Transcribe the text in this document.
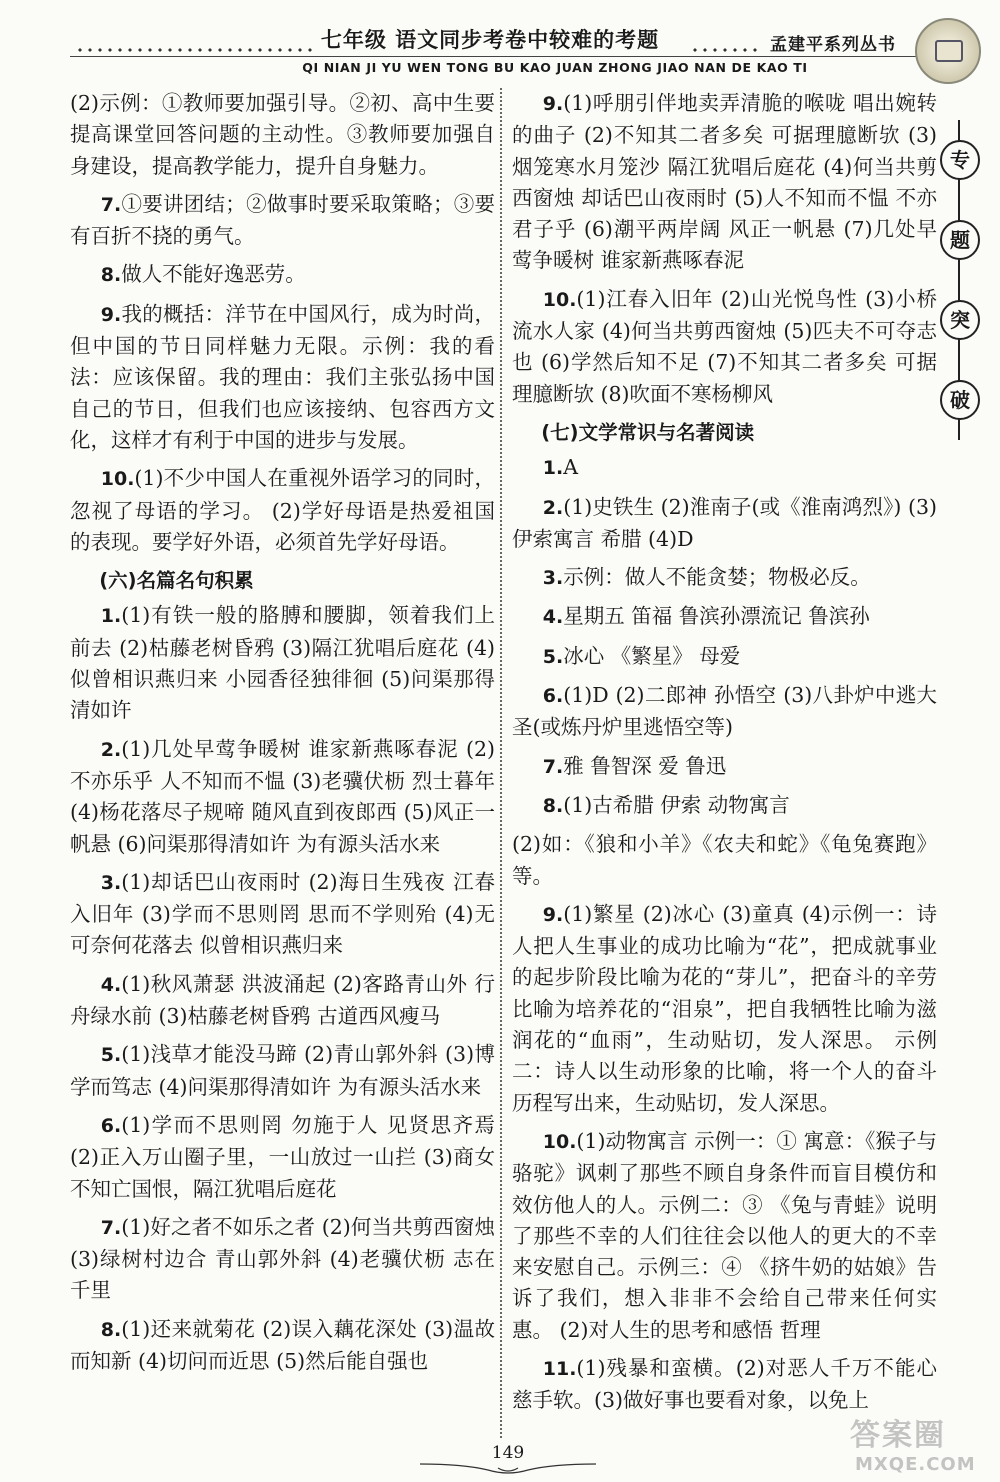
七年级 语文同步考卷中较难的考题	孟建平系列丛书
QI NIAN JI YU WEN TONG BU KAO JUAN ZHONG JIAO NAN DE KAO TI
专
题
突
破

(2)示例：①教师要加强引导。②初、高中生要提高课堂回答问题的主动性。③教师要加强自身建设，提高教学能力，提升自身魅力。

7.①要讲团结；②做事时要采取策略；③要有百折不挠的勇气。

8.做人不能好逸恶劳。

9.我的概括：洋节在中国风行，成为时尚，但中国的节日同样魅力无限。示例：我的看法：应该保留。我的理由：我们主张弘扬中国自己的节日，但我们也应该接纳、包容西方文化，这样才有利于中国的进步与发展。

10.(1)不少中国人在重视外语学习的同时，忽视了母语的学习。 (2)学好母语是热爱祖国的表现。要学好外语，必须首先学好母语。

(六)名篇名句积累

1.(1)有铁一般的胳膊和腰脚，领着我们上前去 (2)枯藤老树昏鸦 (3)隔江犹唱后庭花 (4)似曾相识燕归来 小园香径独徘徊 (5)问渠那得清如许

2.(1)几处早莺争暖树 谁家新燕啄春泥 (2)不亦乐乎 人不知而不愠 (3)老骥伏枥 烈士暮年 (4)杨花落尽子规啼 随风直到夜郎西 (5)风正一帆悬 (6)问渠那得清如许 为有源头活水来

3.(1)却话巴山夜雨时 (2)海日生残夜 江春入旧年 (3)学而不思则罔 思而不学则殆 (4)无可奈何花落去 似曾相识燕归来

4.(1)秋风萧瑟 洪波涌起 (2)客路青山外 行舟绿水前 (3)枯藤老树昏鸦 古道西风瘦马

5.(1)浅草才能没马蹄 (2)青山郭外斜 (3)博学而笃志 (4)问渠那得清如许 为有源头活水来

6.(1)学而不思则罔 勿施于人 见贤思齐焉 (2)正入万山圈子里，一山放过一山拦 (3)商女不知亡国恨，隔江犹唱后庭花

7.(1)好之者不如乐之者 (2)何当共剪西窗烛 (3)绿树村边合 青山郭外斜 (4)老骥伏枥 志在千里

8.(1)还来就菊花 (2)误入藕花深处 (3)温故而知新 (4)切问而近思 (5)然后能自强也

9.(1)呼朋引伴地卖弄清脆的喉咙 唱出婉转的曲子 (2)不知其二者多矣 可据理臆断欤 (3)烟笼寒水月笼沙 隔江犹唱后庭花 (4)何当共剪西窗烛 却话巴山夜雨时 (5)人不知而不愠 不亦君子乎 (6)潮平两岸阔 风正一帆悬 (7)几处早莺争暖树 谁家新燕啄春泥

10.(1)江春入旧年 (2)山光悦鸟性 (3)小桥流水人家 (4)何当共剪西窗烛 (5)匹夫不可夺志也 (6)学然后知不足 (7)不知其二者多矣 可据理臆断欤 (8)吹面不寒杨柳风

(七)文学常识与名著阅读

1.A

2.(1)史铁生 (2)淮南子(或《淮南鸿烈》) (3)伊索寓言 希腊 (4)D

3.示例：做人不能贪婪；物极必反。

4.星期五 笛福 鲁滨孙漂流记 鲁滨孙

5.冰心 《繁星》 母爱

6.(1)D (2)二郎神 孙悟空 (3)八卦炉中逃大圣(或炼丹炉里逃悟空等)

7.雅 鲁智深 爱 鲁迅

8.(1)古希腊 伊索 动物寓言

(2)如：《狼和小羊》《农夫和蛇》《龟兔赛跑》等。

9.(1)繁星 (2)冰心 (3)童真 (4)示例一：诗人把人生事业的成功比喻为“花”，把成就事业的起步阶段比喻为花的“芽儿”，把奋斗的辛劳比喻为培养花的“泪泉”，把自我牺牲比喻为滋润花的“血雨”，生动贴切，发人深思。 示例二：诗人以生动形象的比喻，将一个人的奋斗历程写出来，生动贴切，发人深思。

10.(1)动物寓言 示例一：① 寓意：《猴子与骆驼》讽刺了那些不顾自身条件而盲目模仿和效仿他人的人。示例二：③ 《兔与青蛙》说明了那些不幸的人们往往会以他人的更大的不幸来安慰自己。示例三：④ 《挤牛奶的姑娘》告诉了我们，想入非非不会给自己带来任何实惠。 (2)对人生的思考和感悟 哲理

11.(1)残暴和蛮横。(2)对恶人千万不能心慈手软。(3)做好事也要看对象，以免上

149	答案圈
MXQE.COM
